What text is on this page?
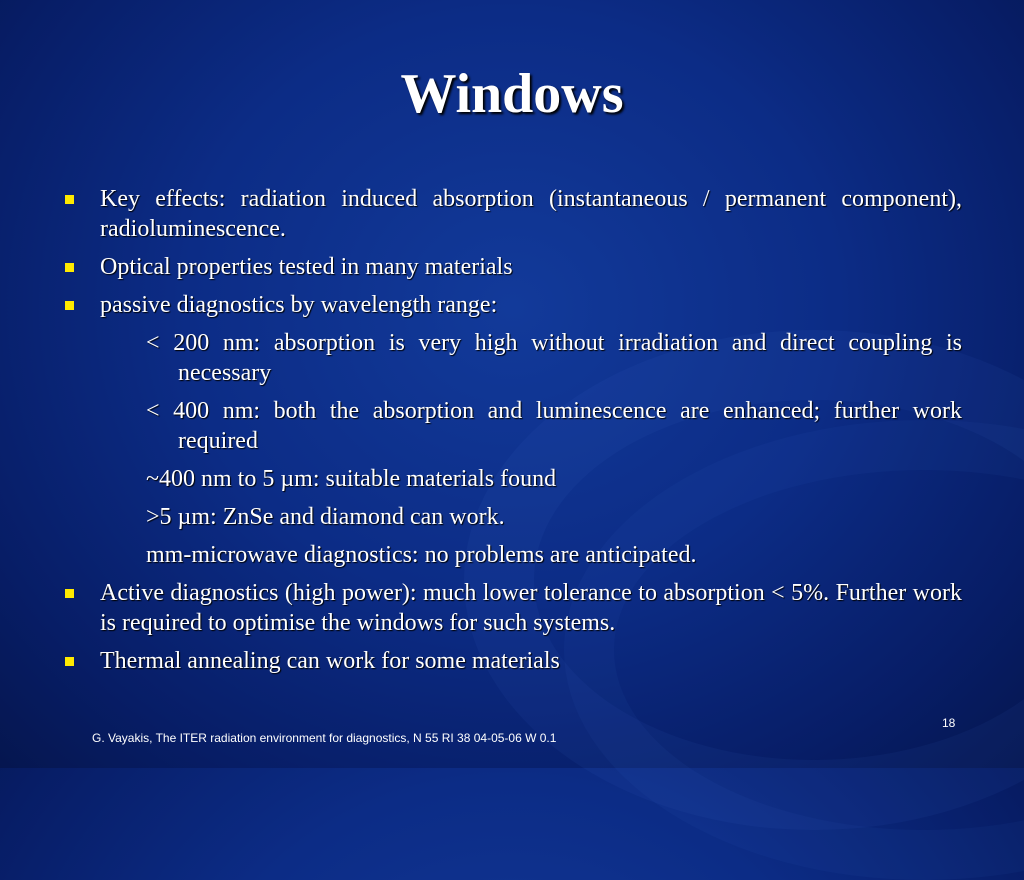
Windows
Key effects: radiation induced absorption (instantaneous / permanent component), radioluminescence.
Optical properties tested in many materials
passive diagnostics by wavelength range:
< 200 nm: absorption is very high without irradiation and direct coupling is necessary
< 400 nm: both the absorption and luminescence are enhanced; further work required
~400 nm to 5 µm: suitable materials found
>5 µm: ZnSe and diamond can work.
mm-microwave diagnostics: no problems are anticipated.
Active diagnostics (high power): much lower tolerance to absorption < 5%. Further work is required to optimise the windows for such systems.
Thermal annealing can work for some materials
G. Vayakis, The ITER radiation environment for diagnostics, N 55 RI 38 04-05-06 W 0.1
18
